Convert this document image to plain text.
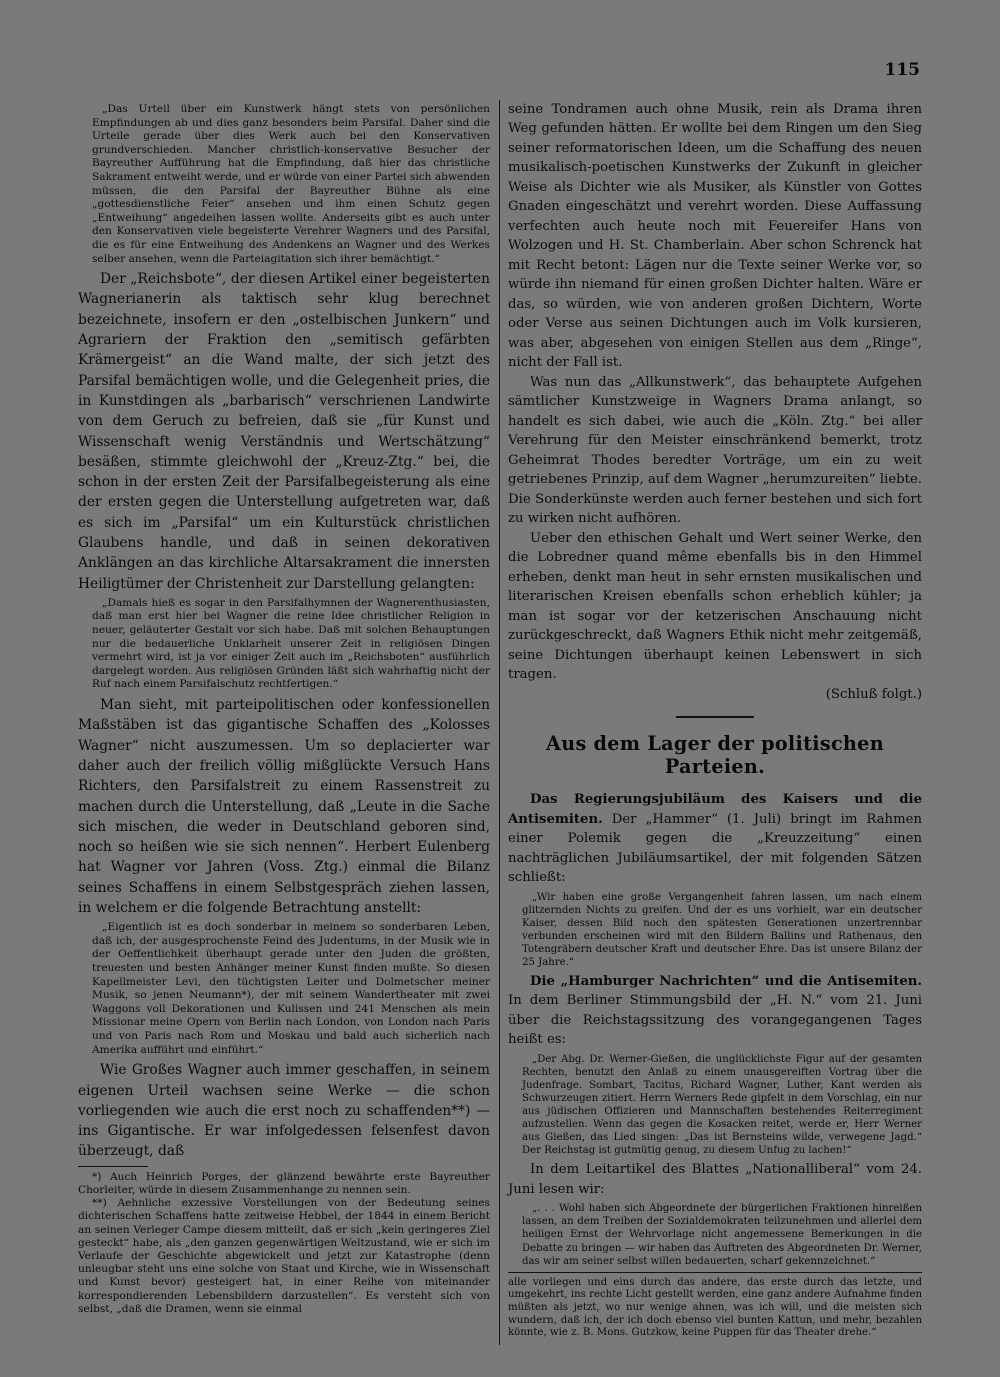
115

„Das Urteil über ein Kunstwerk hängt stets von persönlichen Empfindungen ab und dies ganz besonders beim Parsifal. Daher sind die Urteile gerade über dies Werk auch bei den Konservativen grundverschieden. Mancher christlich-konservative Besucher der Bayreuther Aufführung hat die Empfindung, daß hier das christliche Sakrament entweiht werde, und er würde von einer Partei sich abwenden müssen, die den Parsifal der Bayreuther Bühne als eine „gottesdienstliche Feier“ ansehen und ihm einen Schutz gegen „Entweihung“ angedeihen lassen wollte. Anderseits gibt es auch unter den Konservativen viele begeisterte Verehrer Wagners und des Parsifal, die es für eine Entweihung des Andenkens an Wagner und des Werkes selber ansehen, wenn die Parteiagitation sich ihrer bemächtigt.“

Der „Reichsbote“, der diesen Artikel einer begeisterten Wagnerianerin als taktisch sehr klug berechnet bezeichnete, insofern er den „ostelbischen Junkern“ und Agrariern der Fraktion den „semitisch gefärbten Krämergeist“ an die Wand malte, der sich jetzt des Parsifal bemächtigen wolle, und die Gelegenheit pries, die in Kunstdingen als „barbarisch“ verschrienen Landwirte von dem Geruch zu befreien, daß sie „für Kunst und Wissenschaft wenig Verständnis und Wertschätzung“ besäßen, stimmte gleichwohl der „Kreuz-Ztg.“ bei, die schon in der ersten Zeit der Parsifalbegeisterung als eine der ersten gegen die Unterstellung aufgetreten war, daß es sich im „Parsifal“ um ein Kulturstück christlichen Glaubens handle, und daß in seinen dekorativen Anklängen an das kirchliche Altarsakrament die innersten Heiligtümer der Christenheit zur Darstellung gelangten:

„Damals hieß es sogar in den Parsifalhymnen der Wagnerenthusiasten, daß man erst hier bei Wagner die reine Idee christlicher Religion in neuer, geläuterter Gestalt vor sich habe. Daß mit solchen Behauptungen nur die bedauerliche Unklarheit unserer Zeit in religiösen Dingen vermehrt wird, ist ja vor einiger Zeit auch im „Reichsboten“ ausführlich dargelegt worden. Aus religiösen Gründen läßt sich wahrhaftig nicht der Ruf nach einem Parsifalschutz rechtfertigen.“

Man sieht, mit parteipolitischen oder konfessionellen Maßstäben ist das gigantische Schaffen des „Kolosses Wagner“ nicht auszumessen. Um so deplacierter war daher auch der freilich völlig mißglückte Versuch Hans Richters, den Parsifalstreit zu einem Rassenstreit zu machen durch die Unterstellung, daß „Leute in die Sache sich mischen, die weder in Deutschland geboren sind, noch so heißen wie sie sich nennen“. Herbert Eulenberg hat Wagner vor Jahren (Voss. Ztg.) einmal die Bilanz seines Schaffens in einem Selbstgespräch ziehen lassen, in welchem er die folgende Betrachtung anstellt:

„Eigentlich ist es doch sonderbar in meinem so sonderbaren Leben, daß ich, der ausgesprochenste Feind des Judentums, in der Musik wie in der Oeffentlichkeit überhaupt gerade unter den Juden die größten, treuesten und besten Anhänger meiner Kunst finden mußte. So diesen Kapellmeister Levi, den tüchtigsten Leiter und Dolmetscher meiner Musik, so jenen Neumann*), der mit seinem Wandertheater mit zwei Waggons voll Dekorationen und Kulissen und 241 Menschen als mein Missionar meine Opern von Berlin nach London, von London nach Paris und von Paris nach Rom und Moskau und bald auch sicherlich nach Amerika aufführt und einführt.“

Wie Großes Wagner auch immer geschaffen, in seinem eigenen Urteil wachsen seine Werke — die schon vorliegenden wie auch die erst noch zu schaffenden**) — ins Gigantische. Er war infolgedessen felsenfest davon überzeugt, daß

*) Auch Heinrich Porges, der glänzend bewährte erste Bayreuther Chorleiter, würde in diesem Zusammenhange zu nennen sein.

**) Aehnliche exzessive Vorstellungen von der Bedeutung seines dichterischen Schaffens hatte zeitweise Hebbel, der 1844 in einem Bericht an seinen Verleger Campe diesem mitteilt, daß er sich „kein geringeres Ziel gesteckt“ habe, als „den ganzen gegenwärtigen Weltzustand, wie er sich im Verlaufe der Geschichte abgewickelt und jetzt zur Katastrophe (denn unleugbar steht uns eine solche von Staat und Kirche, wie in Wissenschaft und Kunst bevor) gesteigert hat, in einer Reihe von miteinander korrespondierenden Lebensbildern darzustellen“. Es versteht sich von selbst, „daß die Dramen, wenn sie einmal

seine Tondramen auch ohne Musik, rein als Drama ihren Weg gefunden hätten. Er wollte bei dem Ringen um den Sieg seiner reformatorischen Ideen, um die Schaffung des neuen musikalisch-poetischen Kunstwerks der Zukunft in gleicher Weise als Dichter wie als Musiker, als Künstler von Gottes Gnaden eingeschätzt und verehrt worden. Diese Auffassung verfechten auch heute noch mit Feuereifer Hans von Wolzogen und H. St. Chamberlain. Aber schon Schrenck hat mit Recht betont: Lägen nur die Texte seiner Werke vor, so würde ihn niemand für einen großen Dichter halten. Wäre er das, so würden, wie von anderen großen Dichtern, Worte oder Verse aus seinen Dichtungen auch im Volk kursieren, was aber, abgesehen von einigen Stellen aus dem „Ringe“, nicht der Fall ist.

Was nun das „Allkunstwerk“, das behauptete Aufgehen sämtlicher Kunstzweige in Wagners Drama anlangt, so handelt es sich dabei, wie auch die „Köln. Ztg.“ bei aller Verehrung für den Meister einschränkend bemerkt, trotz Geheimrat Thodes beredter Vorträge, um ein zu weit getriebenes Prinzip, auf dem Wagner „herumzureiten“ liebte. Die Sonderkünste werden auch ferner bestehen und sich fort zu wirken nicht aufhören.

Ueber den ethischen Gehalt und Wert seiner Werke, den die Lobredner quand même ebenfalls bis in den Himmel erheben, denkt man heut in sehr ernsten musikalischen und literarischen Kreisen ebenfalls schon erheblich kühler; ja man ist sogar vor der ketzerischen Anschauung nicht zurückgeschreckt, daß Wagners Ethik nicht mehr zeitgemäß, seine Dichtungen überhaupt keinen Lebenswert in sich tragen.

(Schluß folgt.)

Aus dem Lager der politischen Parteien.

Das Regierungsjubiläum des Kaisers und die Antisemiten. Der „Hammer“ (1. Juli) bringt im Rahmen einer Polemik gegen die „Kreuzzeitung“ einen nachträglichen Jubiläumsartikel, der mit folgenden Sätzen schließt:

„Wir haben eine große Vergangenheit fahren lassen, um nach einem glitzernden Nichts zu greifen. Und der es uns vorhielt, war ein deutscher Kaiser, dessen Bild noch den spätesten Generationen unzertrennbar verbunden erscheinen wird mit den Bildern Ballins und Rathenaus, den Totengräbern deutscher Kraft und deutscher Ehre. Das ist unsere Bilanz der 25 Jahre.“

Die „Hamburger Nachrichten“ und die Antisemiten. In dem Berliner Stimmungsbild der „H. N.“ vom 21. Juni über die Reichstagssitzung des vorangegangenen Tages heißt es:

„Der Abg. Dr. Werner-Gießen, die unglücklichste Figur auf der gesamten Rechten, benutzt den Anlaß zu einem unausgereiften Vortrag über die Judenfrage. Sombart, Tacitus, Richard Wagner, Luther, Kant werden als Schwurzeugen zitiert. Herrn Werners Rede gipfelt in dem Vorschlag, ein nur aus jüdischen Offizieren und Mannschaften bestehendes Reiterregiment aufzustellen. Wenn das gegen die Kosacken reitet, werde er, Herr Werner aus Gießen, das Lied singen: „Das ist Bernsteins wilde, verwegene Jagd.“ Der Reichstag ist gutmütig genug, zu diesem Unfug zu lachen!“

In dem Leitartikel des Blattes „Nationalliberal“ vom 24. Juni lesen wir:

„. . . Wohl haben sich Abgeordnete der bürgerlichen Fraktionen hinreißen lassen, an dem Treiben der Sozialdemokraten teilzunehmen und allerlei dem heiligen Ernst der Wehrvorlage nicht angemessene Bemerkungen in die Debatte zu bringen — wir haben das Auftreten des Abgeordneten Dr. Werner, das wir am seiner selbst willen bedauerten, scharf gekennzeichnet.“

alle vorliegen und eins durch das andere, das erste durch das letzte, und umgekehrt, ins rechte Licht gestellt werden, eine ganz andere Aufnahme finden müßten als jetzt, wo nur wenige ahnen, was ich will, und die meisten sich wundern, daß ich, der ich doch ebenso viel bunten Kattun, und mehr, bezahlen könnte, wie z. B. Mons. Gutzkow, keine Puppen für das Theater drehe.“
